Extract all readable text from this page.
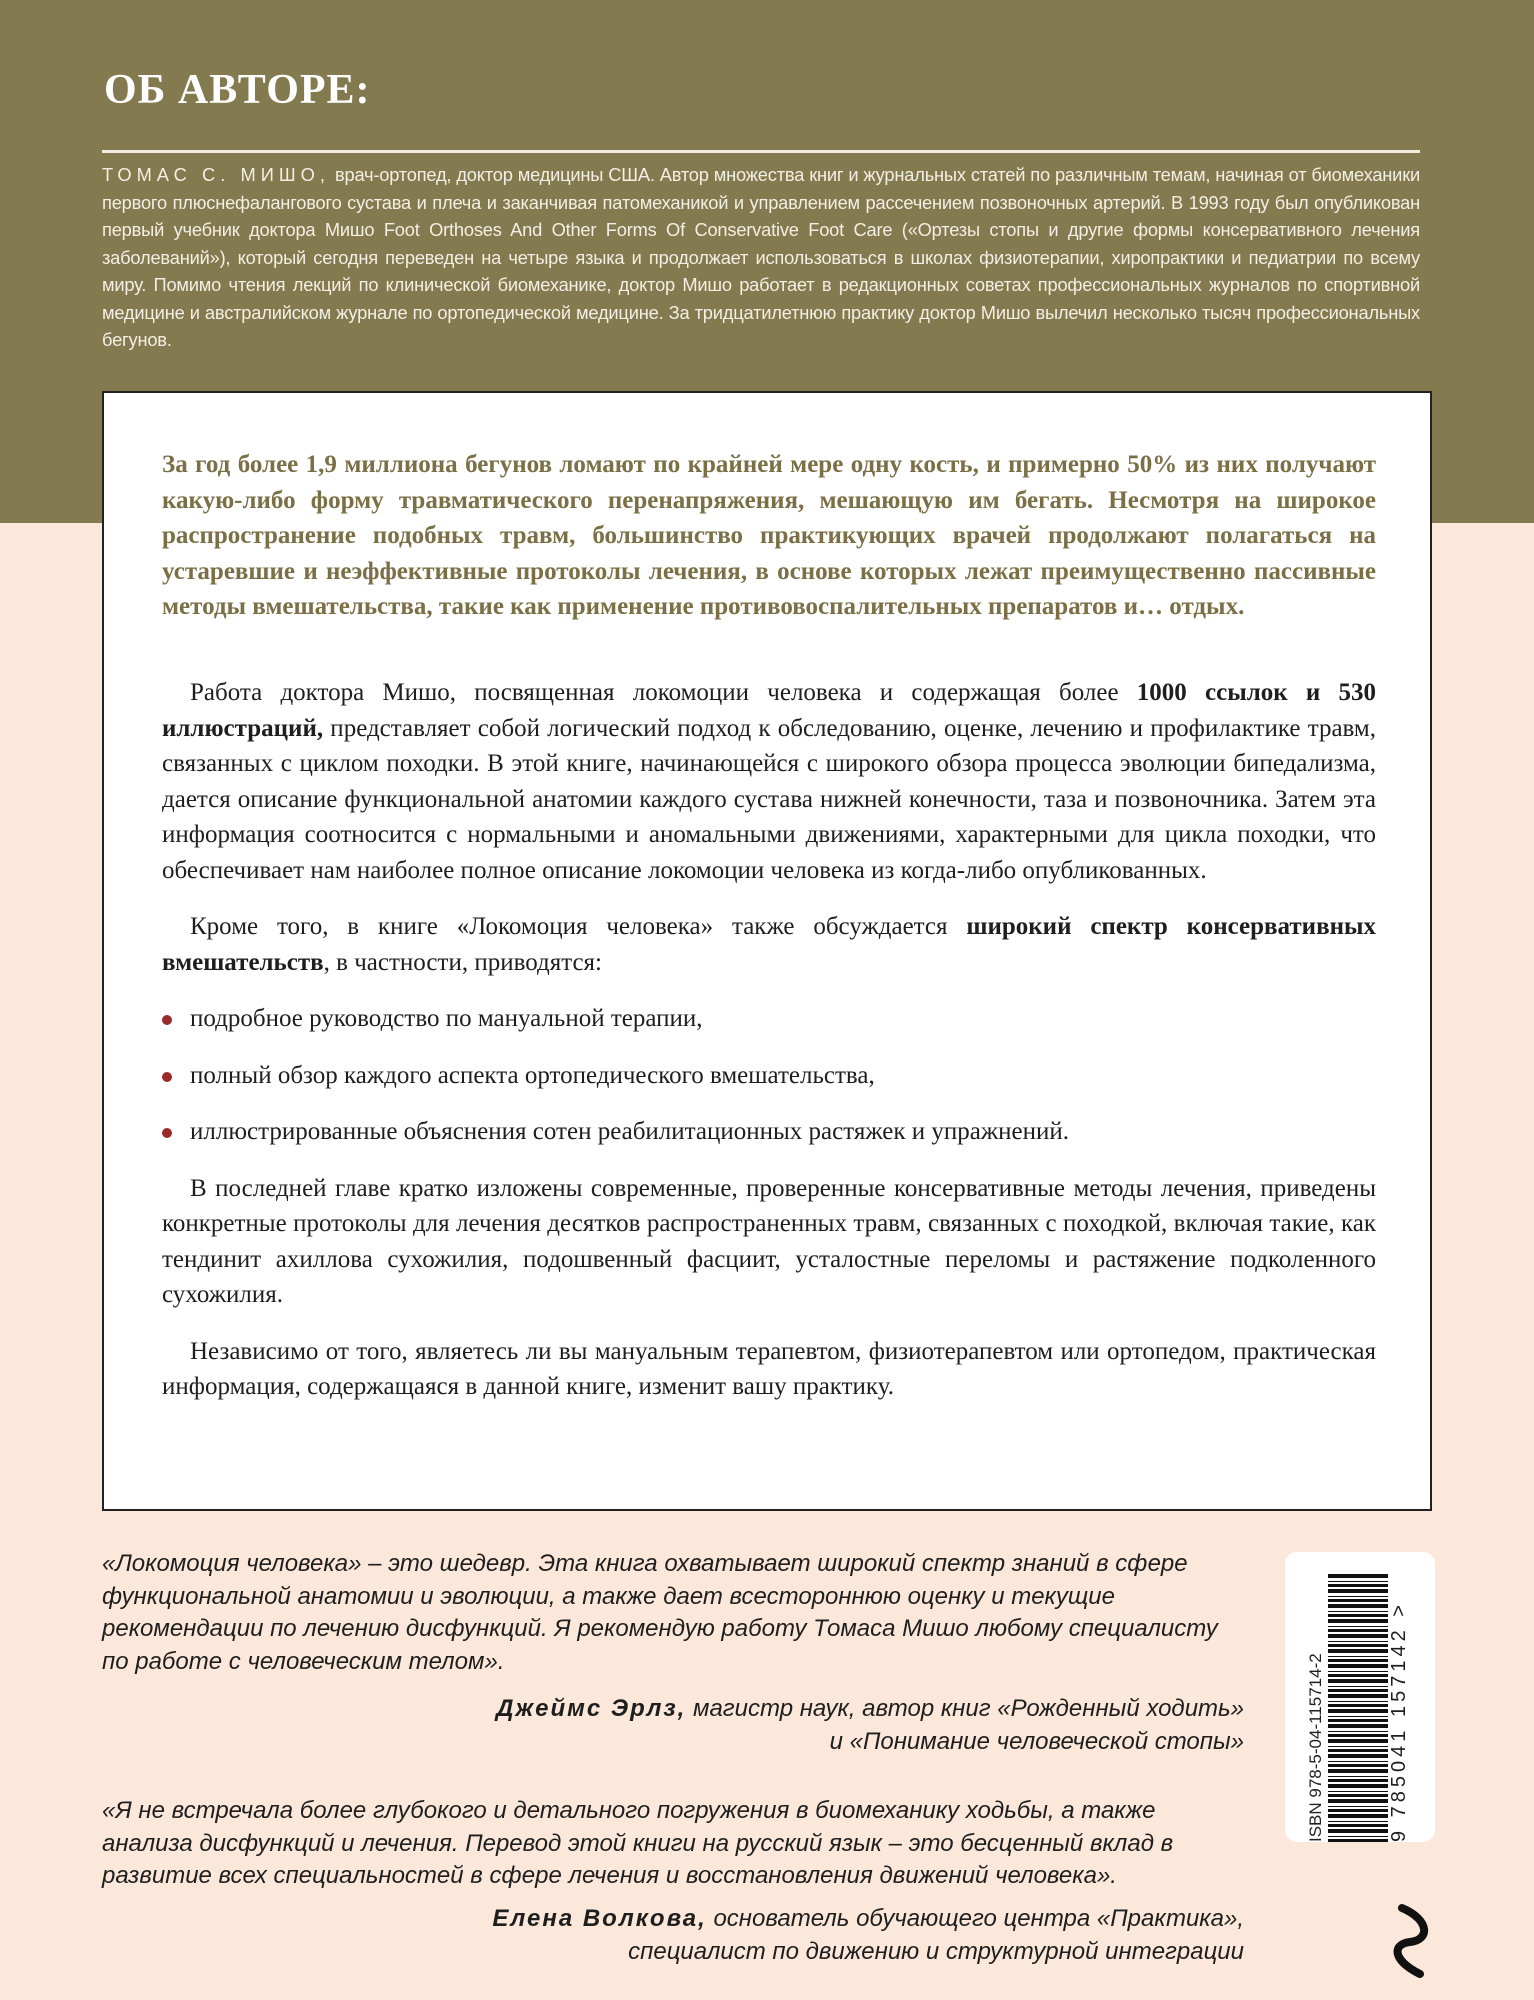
ОБ АВТОРЕ:
ТОМАС С. МИШО, врач-ортопед, доктор медицины США. Автор множества книг и журнальных статей по различным темам, начиная от биомеханики первого плюснефалангового сустава и плеча и заканчивая патомеханикой и управлением рассечением позвоночных артерий. В 1993 году был опубликован первый учебник доктора Мишо Foot Orthoses And Other Forms Of Conservative Foot Care («Ортезы стопы и другие формы консервативного лечения заболеваний»), который сегодня переведен на четыре языка и продолжает использоваться в школах физиотерапии, хиропрактики и педиатрии по всему миру. Помимо чтения лекций по клинической биомеханике, доктор Мишо работает в редакционных советах профессиональных журналов по спортивной медицине и австралийском журнале по ортопедической медицине. За тридцатилетнюю практику доктор Мишо вылечил несколько тысяч профессиональных бегунов.

За год более 1,9 миллиона бегунов ломают по крайней мере одну кость, и примерно 50% из них получают какую-либо форму травматического перенапряжения, мешающую им бегать. Несмотря на широкое распространение подобных травм, большинство практикующих врачей продолжают полагаться на устаревшие и неэффективные протоколы лечения, в основе которых лежат преимущественно пассивные методы вмешательства, такие как применение противовоспалительных препаратов и… отдых.

Работа доктора Мишо, посвященная локомоции человека и содержащая более 1000 ссылок и 530 иллюстраций, представляет собой логический подход к обследованию, оценке, лечению и профилактике травм, связанных с циклом походки. В этой книге, начинающейся с широкого обзора процесса эволюции бипедализма, дается описание функциональной анатомии каждого сустава нижней конечности, таза и позвоночника. Затем эта информация соотносится с нормальными и аномальными движениями, характерными для цикла походки, что обеспечивает нам наиболее полное описание локомоции человека из когда-либо опубликованных.

Кроме того, в книге «Локомоция человека» также обсуждается широкий спектр консервативных вмешательств, в частности, приводятся:

подробное руководство по мануальной терапии,
полный обзор каждого аспекта ортопедического вмешательства,
иллюстрированные объяснения сотен реабилитационных растяжек и упражнений.

В последней главе кратко изложены современные, проверенные консервативные методы лечения, приведены конкретные протоколы для лечения десятков распространенных травм, связанных с походкой, включая такие, как тендинит ахиллова сухожилия, подошвенный фасциит, усталостные переломы и растяжение подколенного сухожилия.

Независимо от того, являетесь ли вы мануальным терапевтом, физиотерапевтом или ортопедом, практическая информация, содержащаяся в данной книге, изменит вашу практику.

«Локомоция человека» – это шедевр. Эта книга охватывает широкий спектр знаний в сфере функциональной анатомии и эволюции, а также дает всестороннюю оценку и текущие рекомендации по лечению дисфункций. Я рекомендую работу Томаса Мишо любому специалисту по работе с человеческим телом».

Джеймс Эрлз, магистр наук, автор книг «Рожденный ходить»
и «Понимание человеческой стопы»

«Я не встречала более глубокого и детального погружения в биомеханику ходьбы, а также анализа дисфункций и лечения. Перевод этой книги на русский язык – это бесценный вклад в развитие всех специальностей в сфере лечения и восстановления движений человека».

Елена Волкова, основатель обучающего центра «Практика»,
специалист по движению и структурной интеграции
ISBN 978-5-04-115714-2	9 785041 157142 >
